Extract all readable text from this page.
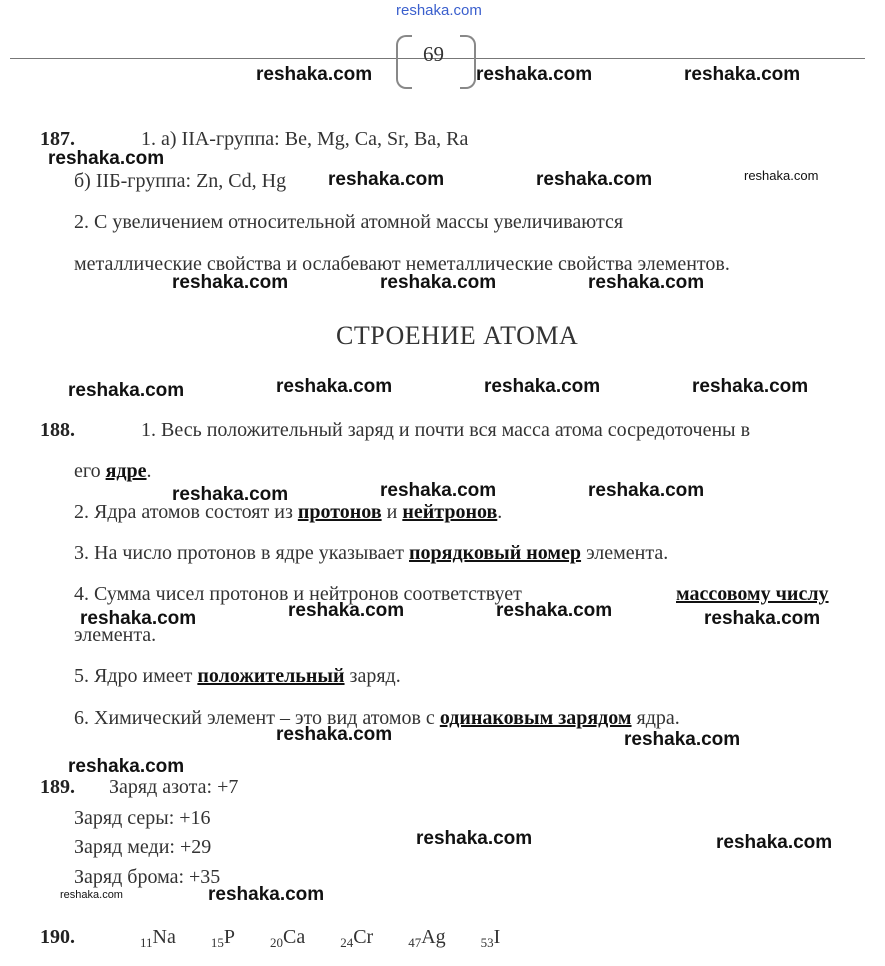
reshaka.com
69
reshaka.com	reshaka.com	reshaka.com
187.	1. а) IIA-группа: Be, Mg, Ca, Sr, Ba, Ra
reshaka.com
б) IIБ-группа: Zn, Cd, Hg reshaka.com	reshaka.com	reshaka.com
2. С увеличением относительной атомной массы увеличиваются
металлические свойства и ослабевают неметаллические свойства элементов.
reshaka.com	reshaka.com	reshaka.com
СТРОЕНИЕ АТОМА
reshaka.com	reshaka.com	reshaka.com	reshaka.com
188.	1. Весь положительный заряд и почти вся масса атома сосредоточены в
его ядре.
reshaka.com	reshaka.com	reshaka.com
2. Ядра атомов состоят из протонов и нейтронов.
3. На число протонов в ядре указывает порядковый номер элемента.
4. Сумма чисел протонов и нейтронов соответствует	массовому числу
элемента.
reshaka.com	reshaka.com	reshaka.com	reshaka.com
5. Ядро имеет положительный заряд.
6. Химический элемент – это вид атомов с одинаковым зарядом ядра.
reshaka.com	reshaka.com
reshaka.com
189. Заряд азота: +7
Заряд серы: +16
Заряд меди: +29	reshaka.com	reshaka.com
Заряд брома: +35
reshaka.com	reshaka.com
190.	$_{11}$Na	$_{15}$P	$_{20}$Ca	$_{24}$Cr	$_{47}$Ag	$_{53}$I
